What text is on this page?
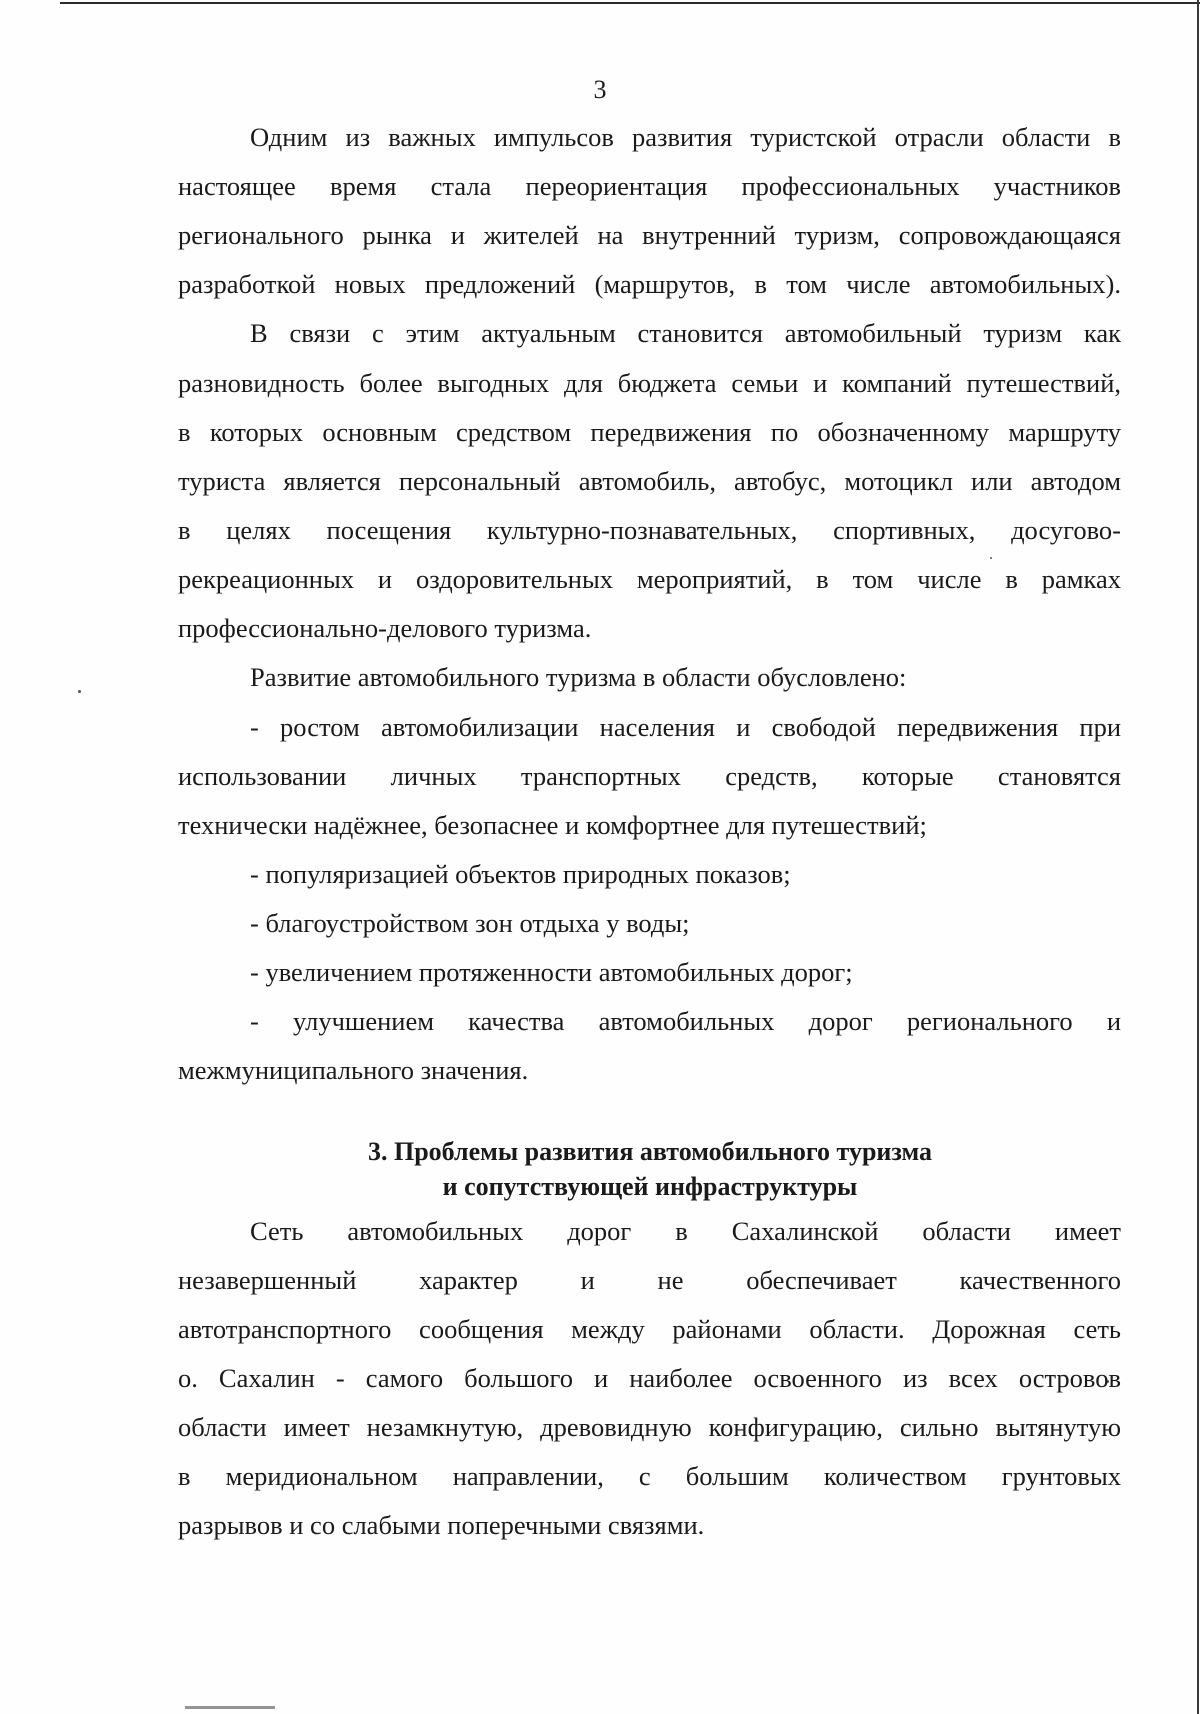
3
Одним из важных импульсов развития туристской отрасли области в
настоящее время стала переориентация профессиональных участников
регионального рынка и жителей на внутренний туризм, сопровождающаяся
разработкой новых предложений (маршрутов, в том числе автомобильных).
В связи с этим актуальным становится автомобильный туризм как
разновидность более выгодных для бюджета семьи и компаний путешествий,
в которых основным средством передвижения по обозначенному маршруту
туриста является персональный автомобиль, автобус, мотоцикл или автодом
в целях посещения культурно-познавательных, спортивных, досугово-
рекреационных и оздоровительных мероприятий, в том числе в рамках
профессионально-делового туризма.
Развитие автомобильного туризма в области обусловлено:
- ростом автомобилизации населения и свободой передвижения при
использовании личных транспортных средств, которые становятся
технически надёжнее, безопаснее и комфортнее для путешествий;
- популяризацией объектов природных показов;
- благоустройством зон отдыха у воды;
- увеличением протяженности автомобильных дорог;
- улучшением качества автомобильных дорог регионального и
межмуниципального значения.
3. Проблемы развития автомобильного туризма
и сопутствующей инфраструктуры
Сеть автомобильных дорог в Сахалинской области имеет
незавершенный характер и не обеспечивает качественного
автотранспортного сообщения между районами области. Дорожная сеть
о. Сахалин - самого большого и наиболее освоенного из всех островов
области имеет незамкнутую, древовидную конфигурацию, сильно вытянутую
в меридиональном направлении, с большим количеством грунтовых
разрывов и со слабыми поперечными связями.
